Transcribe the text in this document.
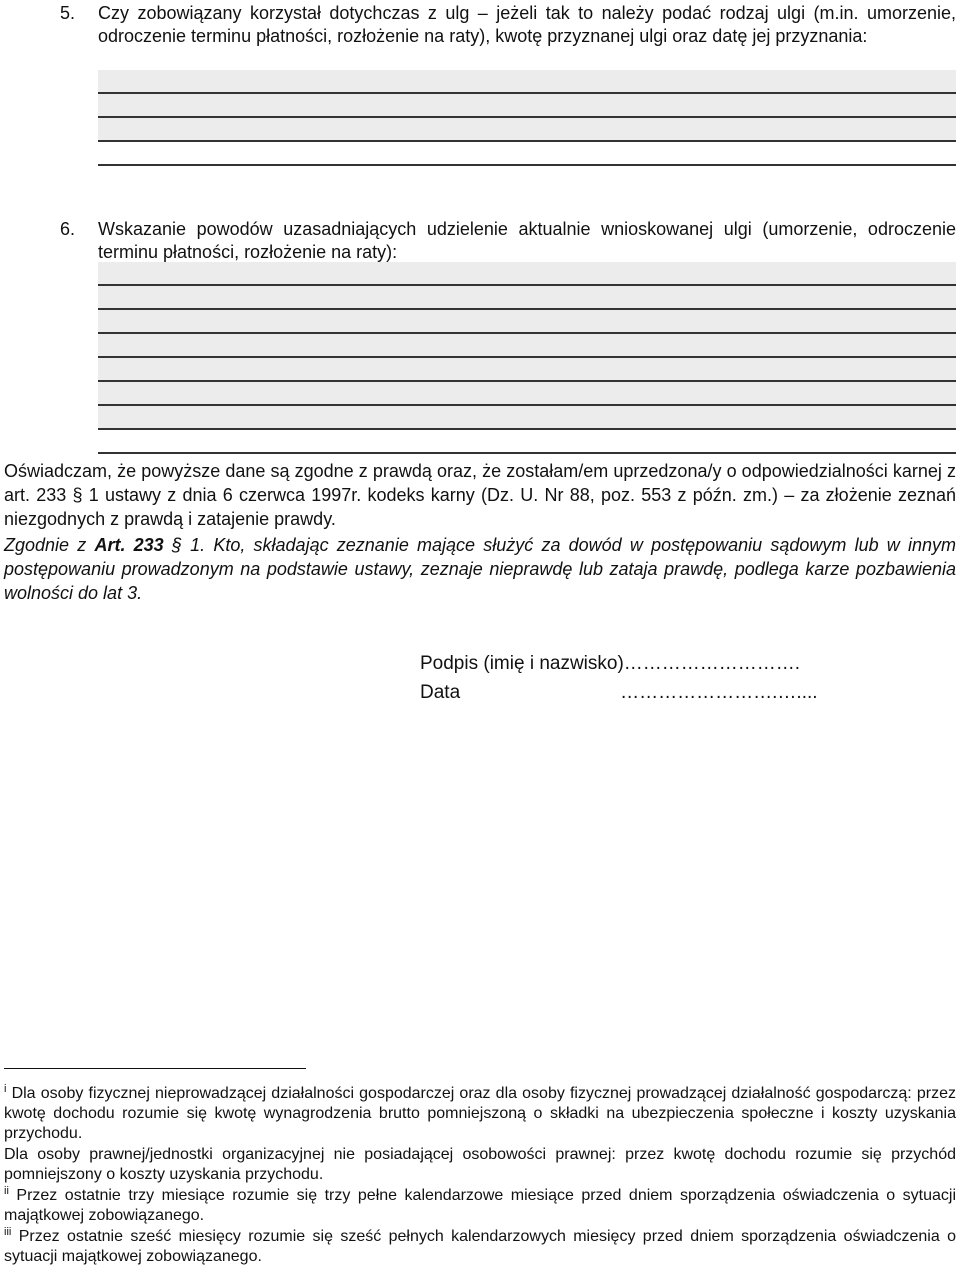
5. Czy zobowiązany korzystał dotychczas z ulg – jeżeli tak to należy podać rodzaj ulgi (m.in. umorzenie, odroczenie terminu płatności, rozłożenie na raty), kwotę przyznanej ulgi oraz datę jej przyznania:
6. Wskazanie powodów uzasadniających udzielenie aktualnie wnioskowanej ulgi (umorzenie, odroczenie terminu płatności, rozłożenie na raty):
Oświadczam, że powyższe dane są zgodne z prawdą oraz, że zostałam/em uprzedzona/y o odpowiedzialności karnej z art. 233 § 1 ustawy z dnia 6 czerwca 1997r. kodeks karny (Dz. U. Nr 88, poz. 553 z późn. zm.) – za złożenie zeznań niezgodnych z prawdą i zatajenie prawdy.
Zgodnie z Art. 233 § 1. Kto, składając zeznanie mające służyć za dowód w postępowaniu sądowym lub w innym postępowaniu prowadzonym na podstawie ustawy, zeznaje nieprawdę lub zataja prawdę, podlega karze pozbawienia wolności do lat 3.
Podpis (imię i nazwisko)……………………….
Data	…………………….…....
$^i$ Dla osoby fizycznej nieprowadzącej działalności gospodarczej oraz dla osoby fizycznej prowadzącej działalność gospodarczą: przez kwotę dochodu rozumie się kwotę wynagrodzenia brutto pomniejszoną o składki na ubezpieczenia społeczne i koszty uzyskania przychodu.
Dla osoby prawnej/jednostki organizacyjnej nie posiadającej osobowości prawnej: przez kwotę dochodu rozumie się przychód pomniejszony o koszty uzyskania przychodu.
$^{ii}$ Przez ostatnie trzy miesiące rozumie się trzy pełne kalendarzowe miesiące przed dniem sporządzenia oświadczenia o sytuacji majątkowej zobowiązanego.
$^{iii}$ Przez ostatnie sześć miesięcy rozumie się sześć pełnych kalendarzowych miesięcy przed dniem sporządzenia oświadczenia o sytuacji majątkowej zobowiązanego.
